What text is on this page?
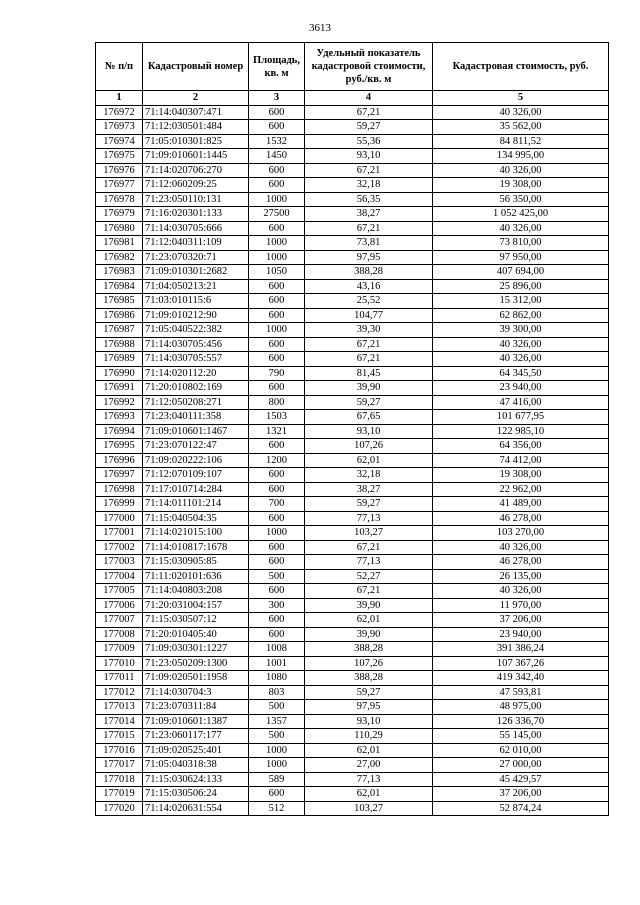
3613
№ п/п	Кадастровый номер	Площадь, кв. м	Удельный показатель кадастровой стоимости, руб./кв. м	Кадастровая стоимость, руб.
1	2	3	4	5
176972	71:14:040307:471	600	67,21	40 326,00
176973	71:12:030501:484	600	59,27	35 562,00
176974	71:05:010301:825	1532	55,36	84 811,52
176975	71:09:010601:1445	1450	93,10	134 995,00
176976	71:14:020706:270	600	67,21	40 326,00
176977	71:12:060209:25	600	32,18	19 308,00
176978	71:23:050110:131	1000	56,35	56 350,00
176979	71:16:020301:133	27500	38,27	1 052 425,00
176980	71:14:030705:666	600	67,21	40 326,00
176981	71:12:040311:109	1000	73,81	73 810,00
176982	71:23:070320:71	1000	97,95	97 950,00
176983	71:09:010301:2682	1050	388,28	407 694,00
176984	71:04:050213:21	600	43,16	25 896,00
176985	71:03:010115:6	600	25,52	15 312,00
176986	71:09:010212:90	600	104,77	62 862,00
176987	71:05:040522:382	1000	39,30	39 300,00
176988	71:14:030705:456	600	67,21	40 326,00
176989	71:14:030705:557	600	67,21	40 326,00
176990	71:14:020112:20	790	81,45	64 345,50
176991	71:20:010802:169	600	39,90	23 940,00
176992	71:12:050208:271	800	59,27	47 416,00
176993	71:23:040111:358	1503	67,65	101 677,95
176994	71:09:010601:1467	1321	93,10	122 985,10
176995	71:23:070122:47	600	107,26	64 356,00
176996	71:09:020222:106	1200	62,01	74 412,00
176997	71:12:070109:107	600	32,18	19 308,00
176998	71:17:010714:284	600	38,27	22 962,00
176999	71:14:011101:214	700	59,27	41 489,00
177000	71:15:040504:35	600	77,13	46 278,00
177001	71:14:021015:100	1000	103,27	103 270,00
177002	71:14:010817:1678	600	67,21	40 326,00
177003	71:15:030905:85	600	77,13	46 278,00
177004	71:11:020101:636	500	52,27	26 135,00
177005	71:14:040803:208	600	67,21	40 326,00
177006	71:20:031004:157	300	39,90	11 970,00
177007	71:15:030507:12	600	62,01	37 206,00
177008	71:20:010405:40	600	39,90	23 940,00
177009	71:09:030301:1227	1008	388,28	391 386,24
177010	71:23:050209:1300	1001	107,26	107 367,26
177011	71:09:020501:1958	1080	388,28	419 342,40
177012	71:14:030704:3	803	59,27	47 593,81
177013	71:23:070311:84	500	97,95	48 975,00
177014	71:09:010601:1387	1357	93,10	126 336,70
177015	71:23:060117:177	500	110,29	55 145,00
177016	71:09:020525:401	1000	62,01	62 010,00
177017	71:05:040318:38	1000	27,00	27 000,00
177018	71:15:030624:133	589	77,13	45 429,57
177019	71:15:030506:24	600	62,01	37 206,00
177020	71:14:020631:554	512	103,27	52 874,24
